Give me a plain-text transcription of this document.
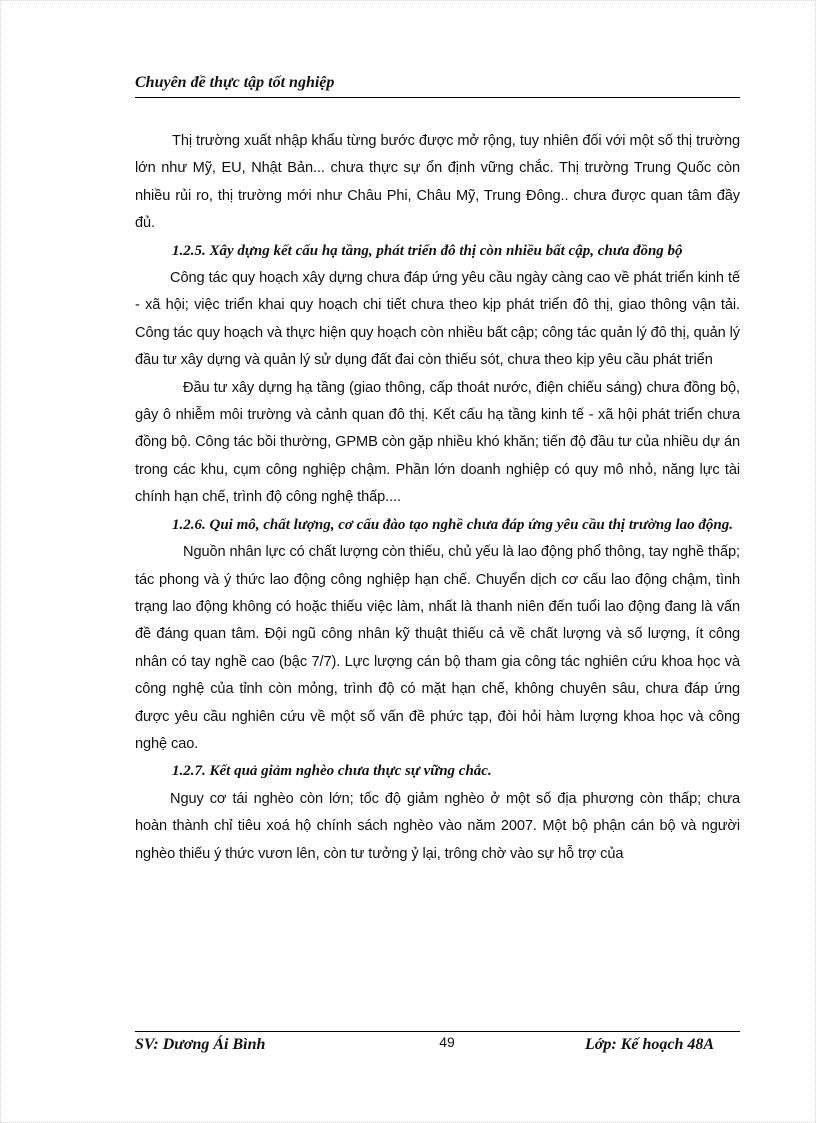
Chuyên đề thực tập tốt nghiệp

Thị trường xuất nhập khẩu từng bước được mở rộng, tuy nhiên đối với một số thị trường lớn như Mỹ, EU, Nhật Bản... chưa thực sự ổn định vững chắc. Thị trường Trung Quốc còn nhiều rủi ro, thị trường mới như Châu Phi, Châu Mỹ, Trung Đông.. chưa được quan tâm đầy đủ.

1.2.5. Xây dựng kết cấu hạ tầng, phát triển đô thị còn nhiều bất cập, chưa đồng bộ

Công tác quy hoạch xây dựng chưa đáp ứng yêu cầu ngày càng cao về phát triển kinh tế - xã hội; việc triển khai quy hoạch chi tiết chưa theo kịp phát triển đô thị, giao thông vận tải. Công tác quy hoạch và thực hiện quy hoạch còn nhiều bất cập; công tác quản lý đô thị, quản lý đầu tư xây dựng và quản lý sử dụng đất đai còn thiếu sót, chưa theo kịp yêu cầu phát triển

Đầu tư xây dựng hạ tầng (giao thông, cấp thoát nước, điện chiếu sáng) chưa đồng bộ, gây ô nhiễm môi trường và cảnh quan đô thị. Kết cấu hạ tầng kinh tế - xã hội phát triển chưa đồng bộ. Công tác bồi thường, GPMB còn gặp nhiều khó khăn; tiến độ đầu tư của nhiều dự án trong các khu, cụm công nghiệp chậm. Phần lớn doanh nghiệp có quy mô nhỏ, năng lực tài chính hạn chế, trình độ công nghệ thấp....

1.2.6. Qui mô, chất lượng, cơ cấu đào tạo nghề chưa đáp ứng yêu cầu thị trường lao động.

Nguồn nhân lực có chất lượng còn thiếu, chủ yếu là lao động phổ thông, tay nghề thấp; tác phong và ý thức lao động công nghiệp hạn chế. Chuyển dịch cơ cấu lao động chậm, tình trạng lao động không có hoặc thiếu việc làm, nhất là thanh niên đến tuổi lao động đang là vấn đề đáng quan tâm. Đội ngũ công nhân kỹ thuật thiếu cả về chất lượng và số lượng, ít công nhân có tay nghề cao (bậc 7/7). Lực lượng cán bộ tham gia công tác nghiên cứu khoa học và công nghệ của tỉnh còn mỏng, trình độ có mặt hạn chế, không chuyên sâu, chưa đáp ứng được yêu cầu nghiên cứu về một số vấn đề phức tạp, đòi hỏi hàm lượng khoa học và công nghệ cao.

1.2.7. Kết quả giảm nghèo chưa thực sự vững chắc.

Nguy cơ tái nghèo còn lớn; tốc độ giảm nghèo ở một số địa phương còn thấp; chưa hoàn thành chỉ tiêu xoá hộ chính sách nghèo vào năm 2007. Một bộ phận cán bộ và người nghèo thiếu ý thức vươn lên, còn tư tưởng ỷ lại, trông chờ vào sự hỗ trợ của

SV: Dương Ái Bình	49	Lớp: Kế hoạch 48A
